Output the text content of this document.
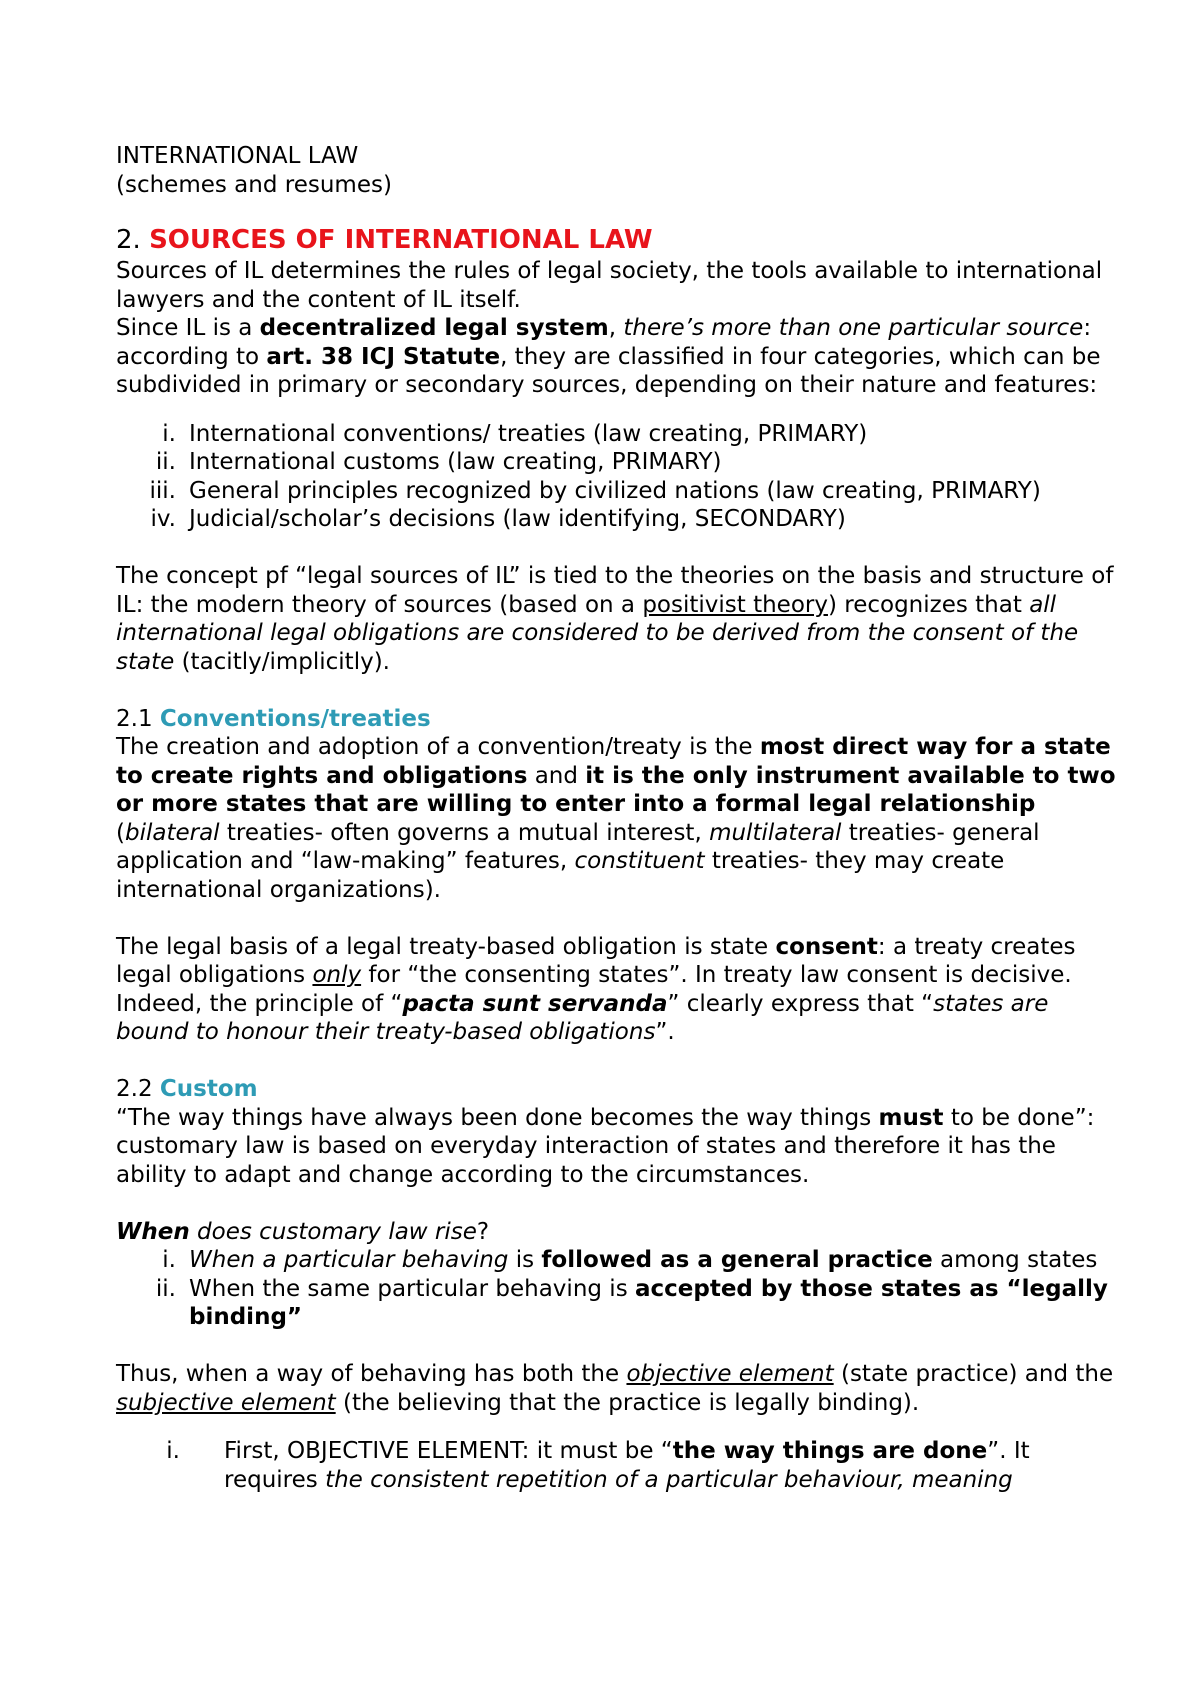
INTERNATIONAL LAW

(schemes and resumes)

2. SOURCES OF INTERNATIONAL LAW

Sources of IL determines the rules of legal society, the tools available to international lawyers and the content of IL itself.

Since IL is a decentralized legal system, there’s more than one particular source: according to art. 38 ICJ Statute, they are classified in four categories, which can be subdivided in primary or secondary sources, depending on their nature and features:

i. International conventions/ treaties (law creating, PRIMARY)
ii. International customs (law creating, PRIMARY)
iii. General principles recognized by civilized nations (law creating, PRIMARY)
iv. Judicial/scholar’s decisions (law identifying, SECONDARY)

The concept pf “legal sources of IL” is tied to the theories on the basis and structure of IL: the modern theory of sources (based on a positivist theory) recognizes that all international legal obligations are considered to be derived from the consent of the state (tacitly/implicitly).

2.1 Conventions/treaties

The creation and adoption of a convention/treaty is the most direct way for a state to create rights and obligations and it is the only instrument available to two or more states that are willing to enter into a formal legal relationship (bilateral treaties- often governs a mutual interest, multilateral treaties- general application and “law-making” features, constituent treaties- they may create international organizations).

The legal basis of a legal treaty-based obligation is state consent: a treaty creates legal obligations only for “the consenting states”. In treaty law consent is decisive. Indeed, the principle of “pacta sunt servanda” clearly express that “states are bound to honour their treaty-based obligations”.

2.2 Custom

“The way things have always been done becomes the way things must to be done”: customary law is based on everyday interaction of states and therefore it has the ability to adapt and change according to the circumstances.

When does customary law rise?

i. When a particular behaving is followed as a general practice among states
ii. When the same particular behaving is accepted by those states as “legally binding”

Thus, when a way of behaving has both the objective element (state practice) and the subjective element (the believing that the practice is legally binding).

i. First, OBJECTIVE ELEMENT: it must be “the way things are done”. It requires the consistent repetition of a particular behaviour, meaning
